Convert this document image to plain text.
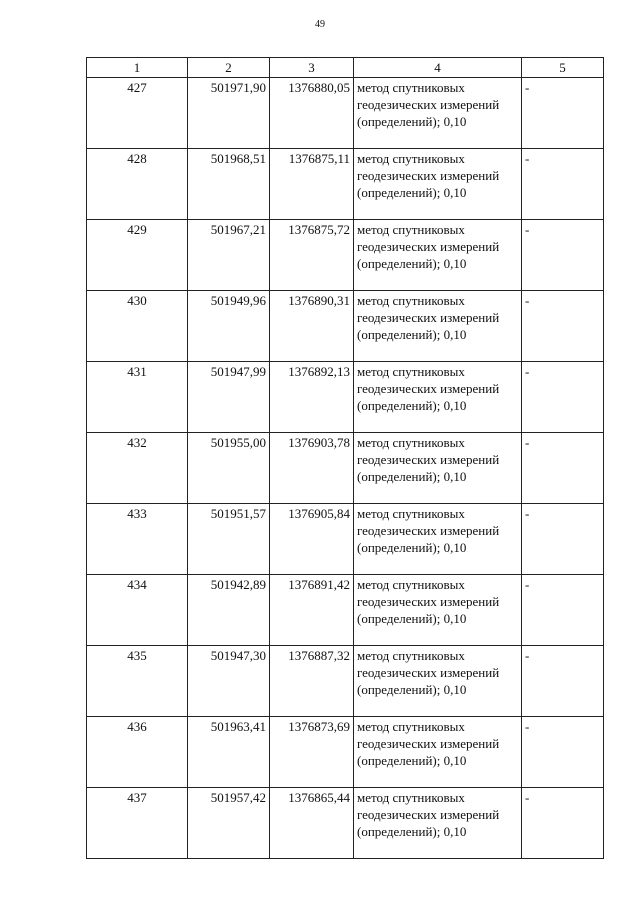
49
1	2	3	4	5
427	501971,90	1376880,05	метод спутниковых геодезических измерений (определений); 0,10	-
428	501968,51	1376875,11	метод спутниковых геодезических измерений (определений); 0,10	-
429	501967,21	1376875,72	метод спутниковых геодезических измерений (определений); 0,10	-
430	501949,96	1376890,31	метод спутниковых геодезических измерений (определений); 0,10	-
431	501947,99	1376892,13	метод спутниковых геодезических измерений (определений); 0,10	-
432	501955,00	1376903,78	метод спутниковых геодезических измерений (определений); 0,10	-
433	501951,57	1376905,84	метод спутниковых геодезических измерений (определений); 0,10	-
434	501942,89	1376891,42	метод спутниковых геодезических измерений (определений); 0,10	-
435	501947,30	1376887,32	метод спутниковых геодезических измерений (определений); 0,10	-
436	501963,41	1376873,69	метод спутниковых геодезических измерений (определений); 0,10	-
437	501957,42	1376865,44	метод спутниковых геодезических измерений (определений); 0,10	-
